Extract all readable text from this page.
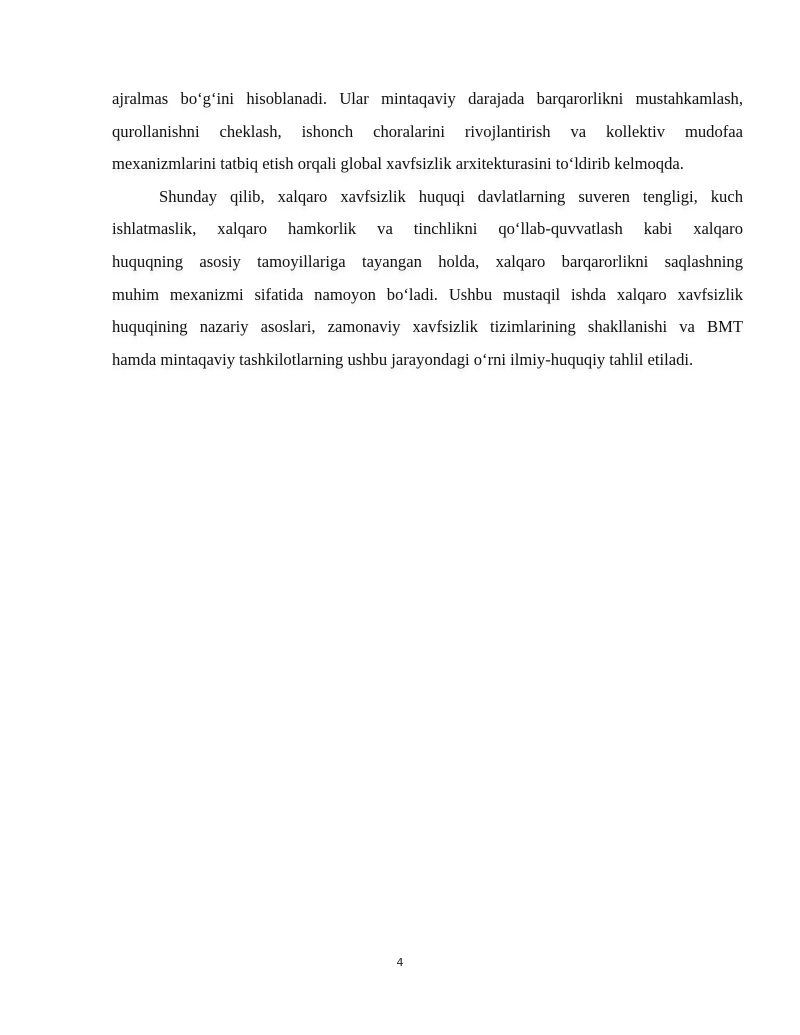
ajralmas bo‘g‘ini hisoblanadi. Ular mintaqaviy darajada barqarorlikni mustahkamlash,
qurollanishni cheklash, ishonch choralarini rivojlantirish va kollektiv mudofaa
mexanizmlarini tatbiq etish orqali global xavfsizlik arxitekturasini to‘ldirib kelmoqda.
Shunday qilib, xalqaro xavfsizlik huquqi davlatlarning suveren tengligi, kuch
ishlatmaslik, xalqaro hamkorlik va tinchlikni qo‘llab-quvvatlash kabi xalqaro
huquqning asosiy tamoyillariga tayangan holda, xalqaro barqarorlikni saqlashning
muhim mexanizmi sifatida namoyon bo‘ladi. Ushbu mustaqil ishda xalqaro xavfsizlik
huquqining nazariy asoslari, zamonaviy xavfsizlik tizimlarining shakllanishi va BMT
hamda mintaqaviy tashkilotlarning ushbu jarayondagi o‘rni ilmiy-huquqiy tahlil etiladi.
4
